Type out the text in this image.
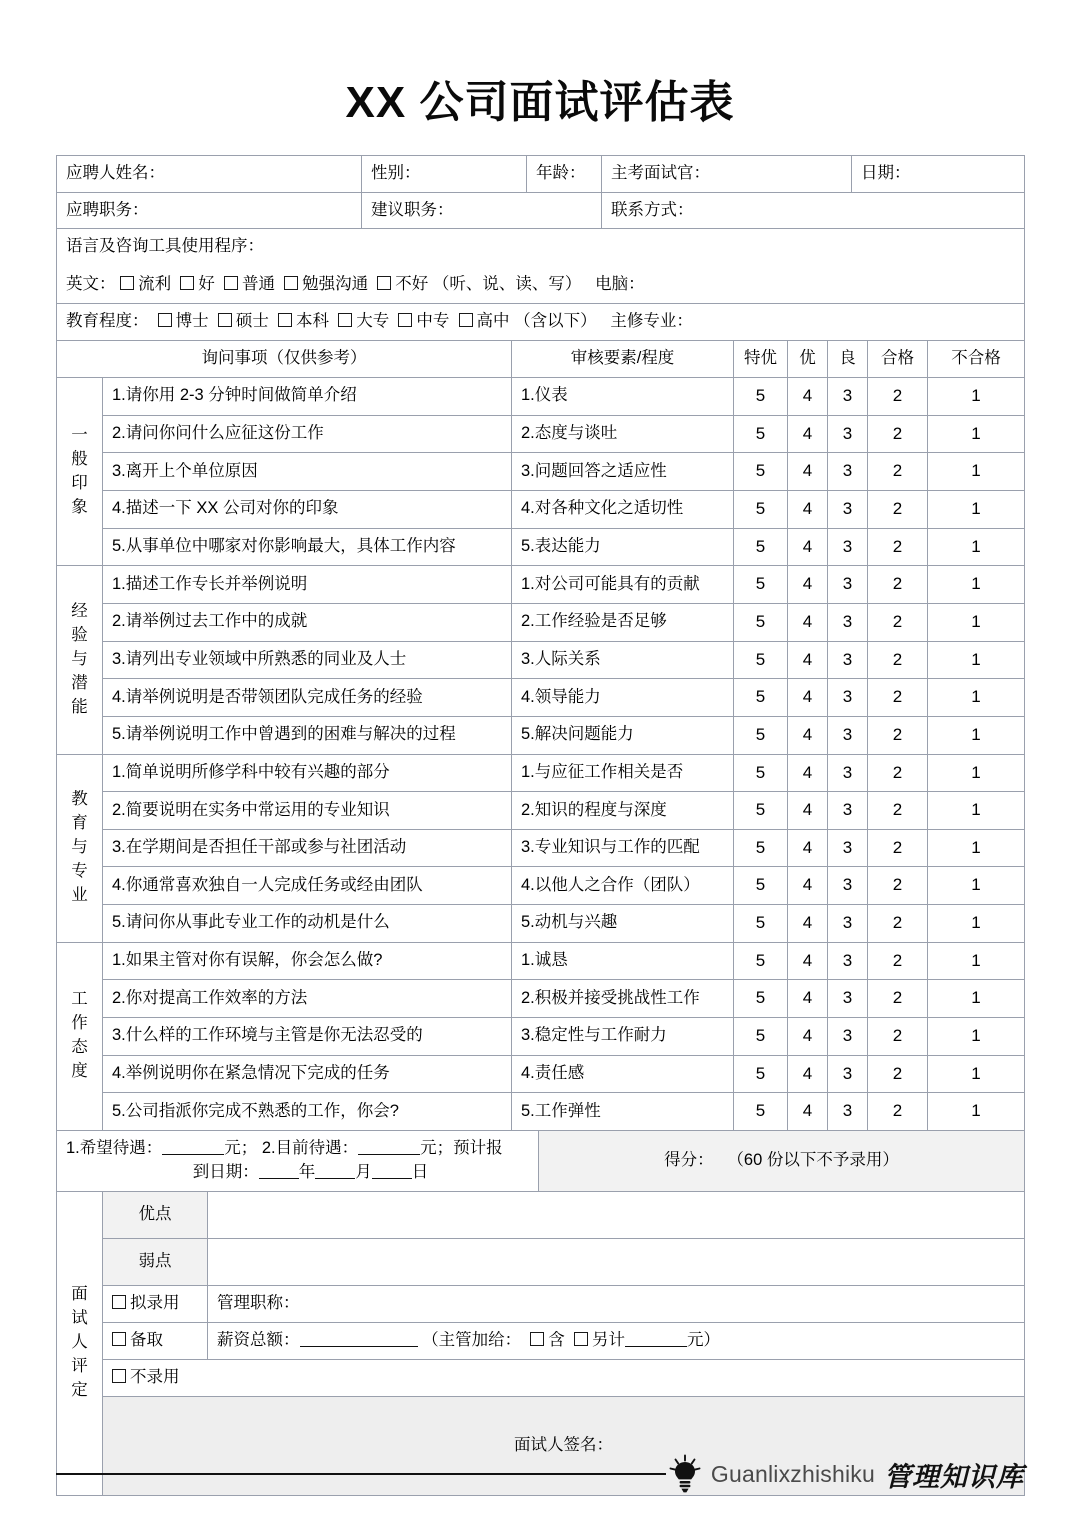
XX 公司面试评估表
应聘人姓名：	性别：	年龄：	主考面试官：	日期：
应聘职务：	建议职务：		联系方式：	

语言及咨询工具使用程序：
英文： 流利 好 普通 勉强沟通 不好 （听、说、读、写） 电脑：				

教育程度： 博士 硕士 本科 大专 中专 高中 （含以下） 主修专业：				
询问事项（仅供参考）		审核要素/程度	特优	优	良	合格	不合格

一
般
印
象	1.请你用 2-3 分钟时间做简单介绍	1.仪表	5	4	3	2	1
	2.请问你问什么应征这份工作	2.态度与谈吐	5	4	3	2	1
	3.离开上个单位原因	3.问题回答之适应性	5	4	3	2	1
	4.描述一下 XX 公司对你的印象	4.对各种文化之适切性	5	4	3	2	1
	5.从事单位中哪家对你影响最大，具体工作内容	5.表达能力	5	4	3	2	1

经
验
与
潜
能	1.描述工作专长并举例说明	1.对公司可能具有的贡献	5	4	3	2	1
	2.请举例过去工作中的成就	2.工作经验是否足够	5	4	3	2	1
	3.请列出专业领域中所熟悉的同业及人士	3.人际关系	5	4	3	2	1
	4.请举例说明是否带领团队完成任务的经验	4.领导能力	5	4	3	2	1
	5.请举例说明工作中曾遇到的困难与解决的过程	5.解决问题能力	5	4	3	2	1

教
育
与
专
业	1.简单说明所修学科中较有兴趣的部分	1.与应征工作相关是否	5	4	3	2	1
	2.简要说明在实务中常运用的专业知识	2.知识的程度与深度	5	4	3	2	1
	3.在学期间是否担任干部或参与社团活动	3.专业知识与工作的匹配	5	4	3	2	1
	4.你通常喜欢独自一人完成任务或经由团队	4.以他人之合作（团队）	5	4	3	2	1
	5.请问你从事此专业工作的动机是什么	5.动机与兴趣	5	4	3	2	1

工
作
态
度	1.如果主管对你有误解，你会怎么做?	1.诚恳	5	4	3	2	1
	2.你对提高工作效率的方法	2.积极并接受挑战性工作	5	4	3	2	1
	3.什么样的工作环境与主管是你无法忍受的	3.稳定性与工作耐力	5	4	3	2	1
	4.举例说明你在紧急情况下完成的任务	4.责任感	5	4	3	2	1
	5.公司指派你完成不熟悉的工作，你会?	5.工作弹性	5	4	3	2	1
1.希望待遇：	元； 2.目前待遇：	元；预计报
到日期： 年 月 日
	得分： （60 份以下不予录用）
面
试
人
评
定	优点	
	弱点	
	拟录用	管理职称：
	备取	薪资总额： （主管加给： 含 另计 元）
	不录用	
	面试人签名：	
Guanlixzhishiku 管理知识库
